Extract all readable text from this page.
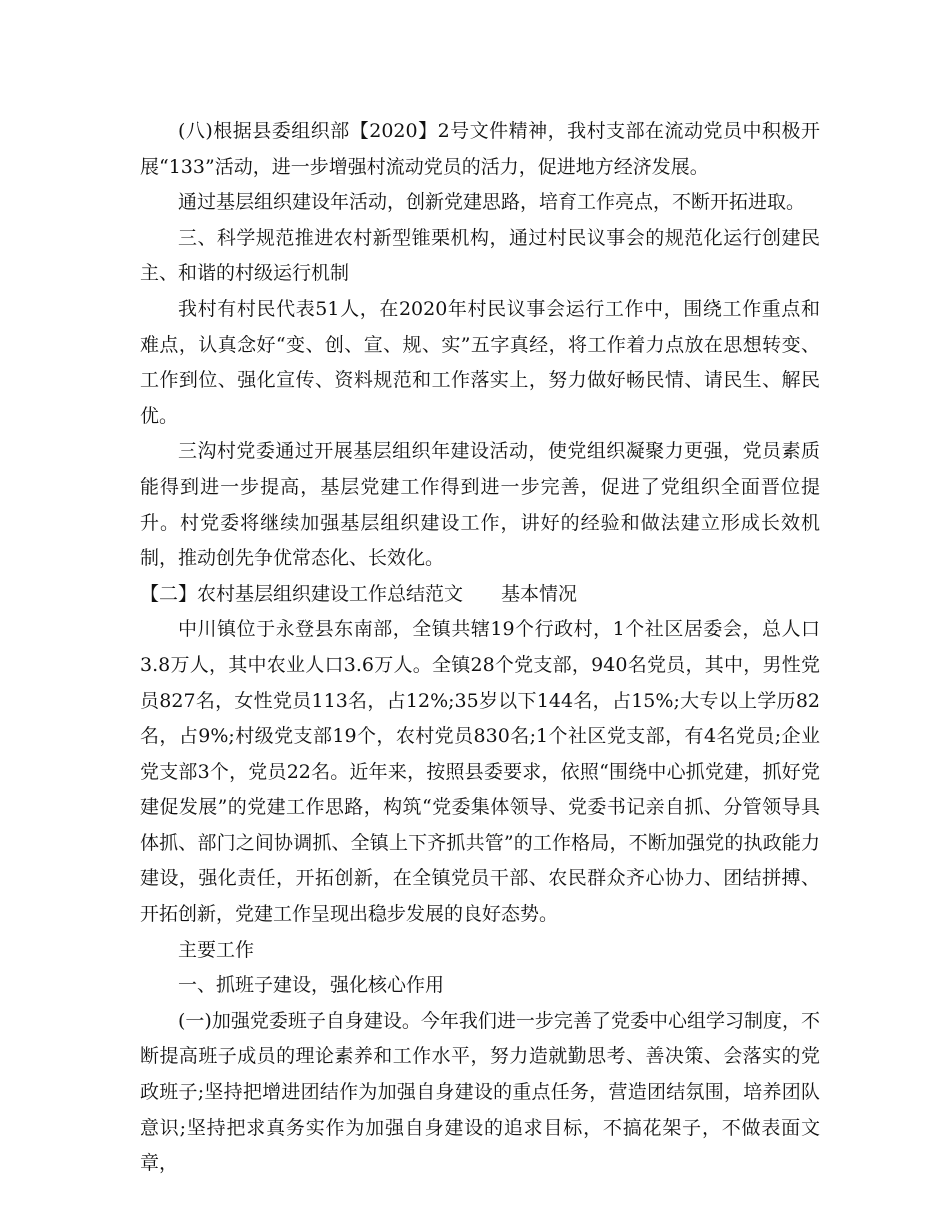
(八)根据县委组织部【2020】2号文件精神，我村支部在流动党员中积极开展“133”活动，进一步增强村流动党员的活力，促进地方经济发展。

通过基层组织建设年活动，创新党建思路，培育工作亮点，不断开拓进取。

三、科学规范推进农村新型锥栗机构，通过村民议事会的规范化运行创建民主、和谐的村级运行机制

我村有村民代表51人，在2020年村民议事会运行工作中，围绕工作重点和难点，认真念好“变、创、宣、规、实”五字真经，将工作着力点放在思想转变、工作到位、强化宣传、资料规范和工作落实上，努力做好畅民情、请民生、解民优。

三沟村党委通过开展基层组织年建设活动，使党组织凝聚力更强，党员素质能得到进一步提高，基层党建工作得到进一步完善，促进了党组织全面晋位提升。村党委将继续加强基层组织建设工作，讲好的经验和做法建立形成长效机制，推动创先争优常态化、长效化。

【二】农村基层组织建设工作总结范文　　基本情况

中川镇位于永登县东南部，全镇共辖19个行政村，1个社区居委会，总人口3.8万人，其中农业人口3.6万人。全镇28个党支部，940名党员，其中，男性党员827名，女性党员113名，占12%;35岁以下144名，占15%;大专以上学历82名，占9%;村级党支部19个，农村党员830名;1个社区党支部，有4名党员;企业党支部3个，党员22名。近年来，按照县委要求，依照“围绕中心抓党建，抓好党建促发展”的党建工作思路，构筑“党委集体领导、党委书记亲自抓、分管领导具体抓、部门之间协调抓、全镇上下齐抓共管”的工作格局，不断加强党的执政能力建设，强化责任，开拓创新，在全镇党员干部、农民群众齐心协力、团结拼搏、开拓创新，党建工作呈现出稳步发展的良好态势。

主要工作

一、抓班子建设，强化核心作用

(一)加强党委班子自身建设。今年我们进一步完善了党委中心组学习制度，不断提高班子成员的理论素养和工作水平，努力造就勤思考、善决策、会落实的党政班子;坚持把增进团结作为加强自身建设的重点任务，营造团结氛围，培养团队意识;坚持把求真务实作为加强自身建设的追求目标，不搞花架子，不做表面文章，
